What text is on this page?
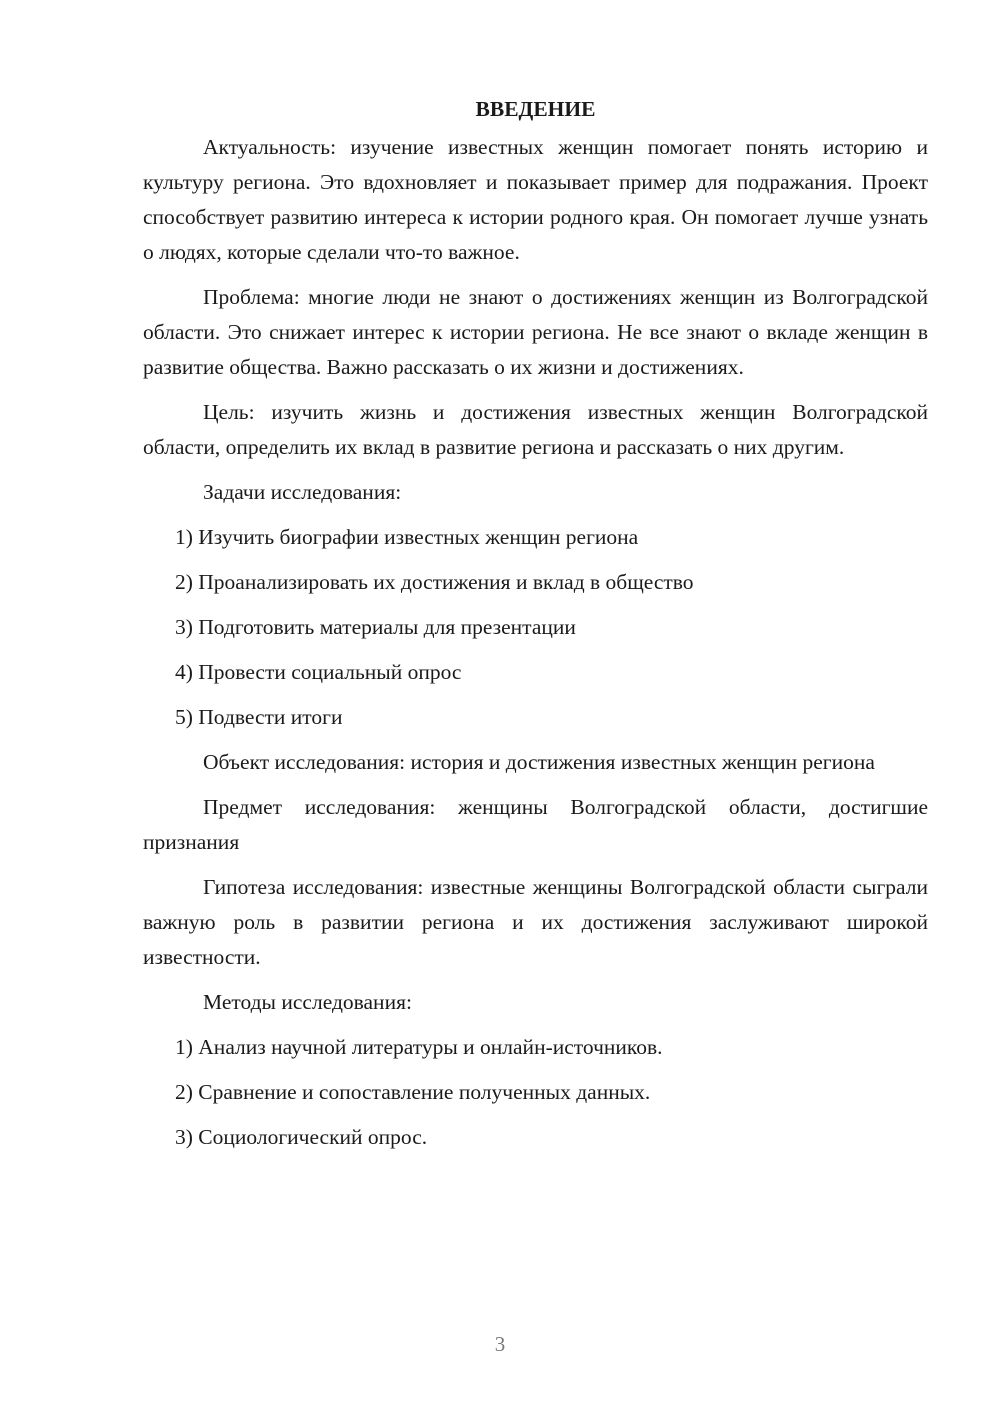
ВВЕДЕНИЕ

Актуальность: изучение известных женщин помогает понять историю и культуру региона. Это вдохновляет и показывает пример для подражания. Проект способствует развитию интереса к истории родного края. Он помогает лучше узнать о людях, которые сделали что-то важное.

Проблема: многие люди не знают о достижениях женщин из Волгоградской области. Это снижает интерес к истории региона. Не все знают о вкладе женщин в развитие общества. Важно рассказать о их жизни и достижениях.

Цель: изучить жизнь и достижения известных женщин Волгоградской области, определить их вклад в развитие региона и рассказать о них другим.

Задачи исследования:

1) Изучить биографии известных женщин региона

2) Проанализировать их достижения и вклад в общество

3) Подготовить материалы для презентации

4) Провести социальный опрос

5) Подвести итоги

Объект исследования: история и достижения известных женщин региона

Предмет исследования: женщины Волгоградской области, достигшие признания

Гипотеза исследования: известные женщины Волгоградской области сыграли важную роль в развитии региона и их достижения заслуживают широкой известности.

Методы исследования:

1) Анализ научной литературы и онлайн-источников.

2) Сравнение и сопоставление полученных данных.

3) Социологический опрос.

3
